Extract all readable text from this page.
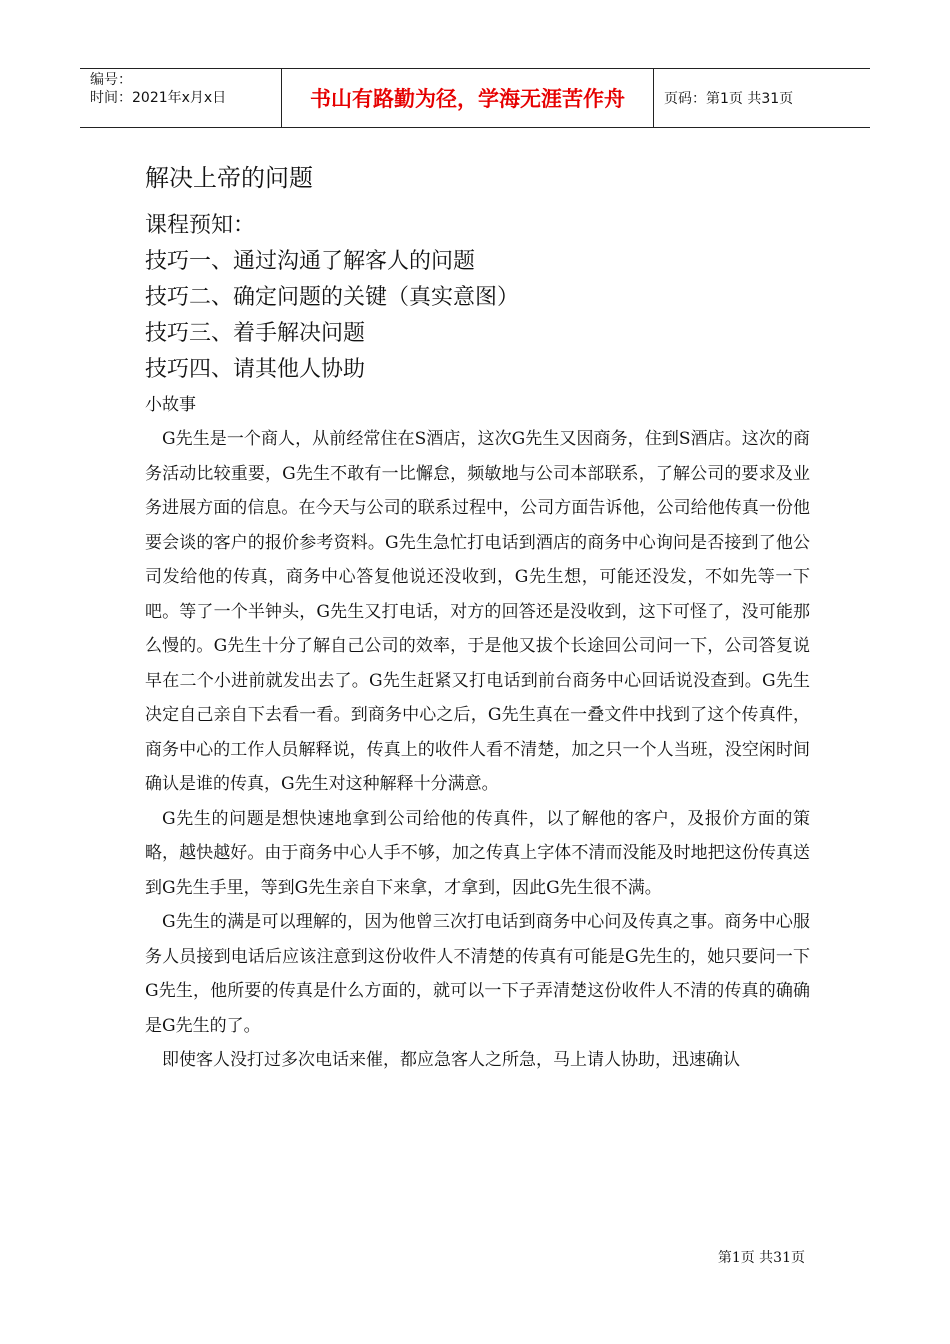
编号：
时间：2021年x月x日	书山有路勤为径，学海无涯苦作舟	页码：第1页 共31页
解决上帝的问题

课程预知：

技巧一、通过沟通了解客人的问题

技巧二、确定问题的关键（真实意图）

技巧三、着手解决问题

技巧四、请其他人协助

小故事

G先生是一个商人，从前经常住在S酒店，这次G先生又因商务，住到S酒店。这次的商务活动比较重要，G先生不敢有一比懈怠，频敏地与公司本部联系，了解公司的要求及业务进展方面的信息。在今天与公司的联系过程中，公司方面告诉他，公司给他传真一份他要会谈的客户的报价参考资料。G先生急忙打电话到酒店的商务中心询问是否接到了他公司发给他的传真，商务中心答复他说还没收到，G先生想，可能还没发，不如先等一下吧。等了一个半钟头，G先生又打电话，对方的回答还是没收到，这下可怪了，没可能那么慢的。G先生十分了解自己公司的效率，于是他又拔个长途回公司问一下，公司答复说早在二个小进前就发出去了。G先生赶紧又打电话到前台商务中心回话说没查到。G先生决定自己亲自下去看一看。到商务中心之后，G先生真在一叠文件中找到了这个传真件，商务中心的工作人员解释说，传真上的收件人看不清楚，加之只一个人当班，没空闲时间确认是谁的传真，G先生对这种解释十分满意。

G先生的问题是想快速地拿到公司给他的传真件，以了解他的客户，及报价方面的策略，越快越好。由于商务中心人手不够，加之传真上字体不清而没能及时地把这份传真送到G先生手里，等到G先生亲自下来拿，才拿到，因此G先生很不满。

G先生的满是可以理解的，因为他曾三次打电话到商务中心问及传真之事。商务中心服务人员接到电话后应该注意到这份收件人不清楚的传真有可能是G先生的，她只要问一下G先生，他所要的传真是什么方面的，就可以一下子弄清楚这份收件人不清的传真的确确是G先生的了。

即使客人没打过多次电话来催，都应急客人之所急，马上请人协助，迅速确认

第1页 共31页
